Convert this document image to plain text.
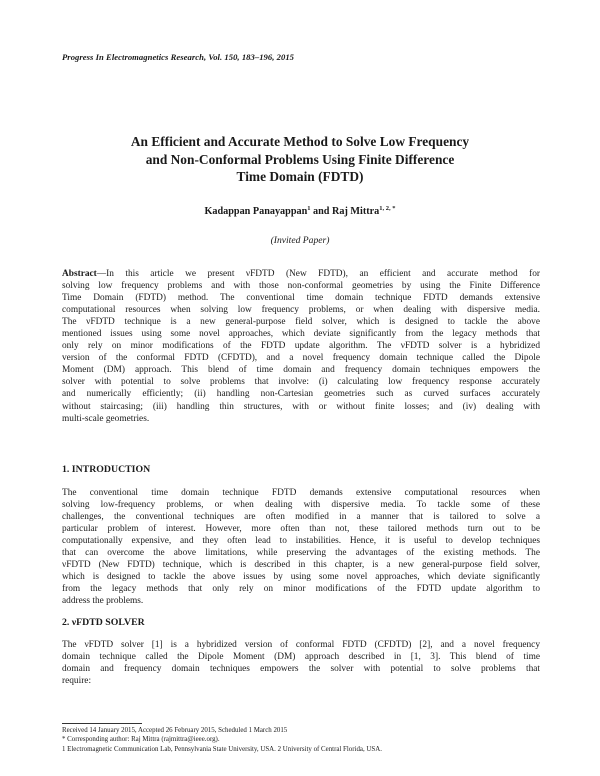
Progress In Electromagnetics Research, Vol. 150, 183–196, 2015
An Efficient and Accurate Method to Solve Low Frequency
and Non-Conformal Problems Using Finite Difference
Time Domain (FDTD)
Kadappan Panayappan$^1$ and Raj Mittra$^{1, 2, *}$
(Invited Paper)
Abstract—In this article we present νFDTD (New FDTD), an efficient and accurate method for
solving low frequency problems and with those non-conformal geometries by using the Finite Difference
Time Domain (FDTD) method. The conventional time domain technique FDTD demands extensive
computational resources when solving low frequency problems, or when dealing with dispersive media.
The νFDTD technique is a new general-purpose field solver, which is designed to tackle the above
mentioned issues using some novel approaches, which deviate significantly from the legacy methods that
only rely on minor modifications of the FDTD update algorithm. The νFDTD solver is a hybridized
version of the conformal FDTD (CFDTD), and a novel frequency domain technique called the Dipole
Moment (DM) approach. This blend of time domain and frequency domain techniques empowers the
solver with potential to solve problems that involve: (i) calculating low frequency response accurately
and numerically efficiently; (ii) handling non-Cartesian geometries such as curved surfaces accurately
without staircasing; (iii) handling thin structures, with or without finite losses; and (iv) dealing with
multi-scale geometries.
1. INTRODUCTION
The conventional time domain technique FDTD demands extensive computational resources when
solving low-frequency problems, or when dealing with dispersive media. To tackle some of these
challenges, the conventional techniques are often modified in a manner that is tailored to solve a
particular problem of interest. However, more often than not, these tailored methods turn out to be
computationally expensive, and they often lead to instabilities. Hence, it is useful to develop techniques
that can overcome the above limitations, while preserving the advantages of the existing methods. The
νFDTD (New FDTD) technique, which is described in this chapter, is a new general-purpose field solver,
which is designed to tackle the above issues by using some novel approaches, which deviate significantly
from the legacy methods that only rely on minor modifications of the FDTD update algorithm to
address the problems.
2. νFDTD SOLVER
The νFDTD solver [1] is a hybridized version of conformal FDTD (CFDTD) [2], and a novel frequency
domain technique called the Dipole Moment (DM) approach described in [1, 3]. This blend of time
domain and frequency domain techniques empowers the solver with potential to solve problems that
require:
Received 14 January 2015, Accepted 26 February 2015, Scheduled 1 March 2015
* Corresponding author: Raj Mittra (rajmittra@ieee.org).
1 Electromagnetic Communication Lab, Pennsylvania State University, USA. 2 University of Central Florida, USA.
